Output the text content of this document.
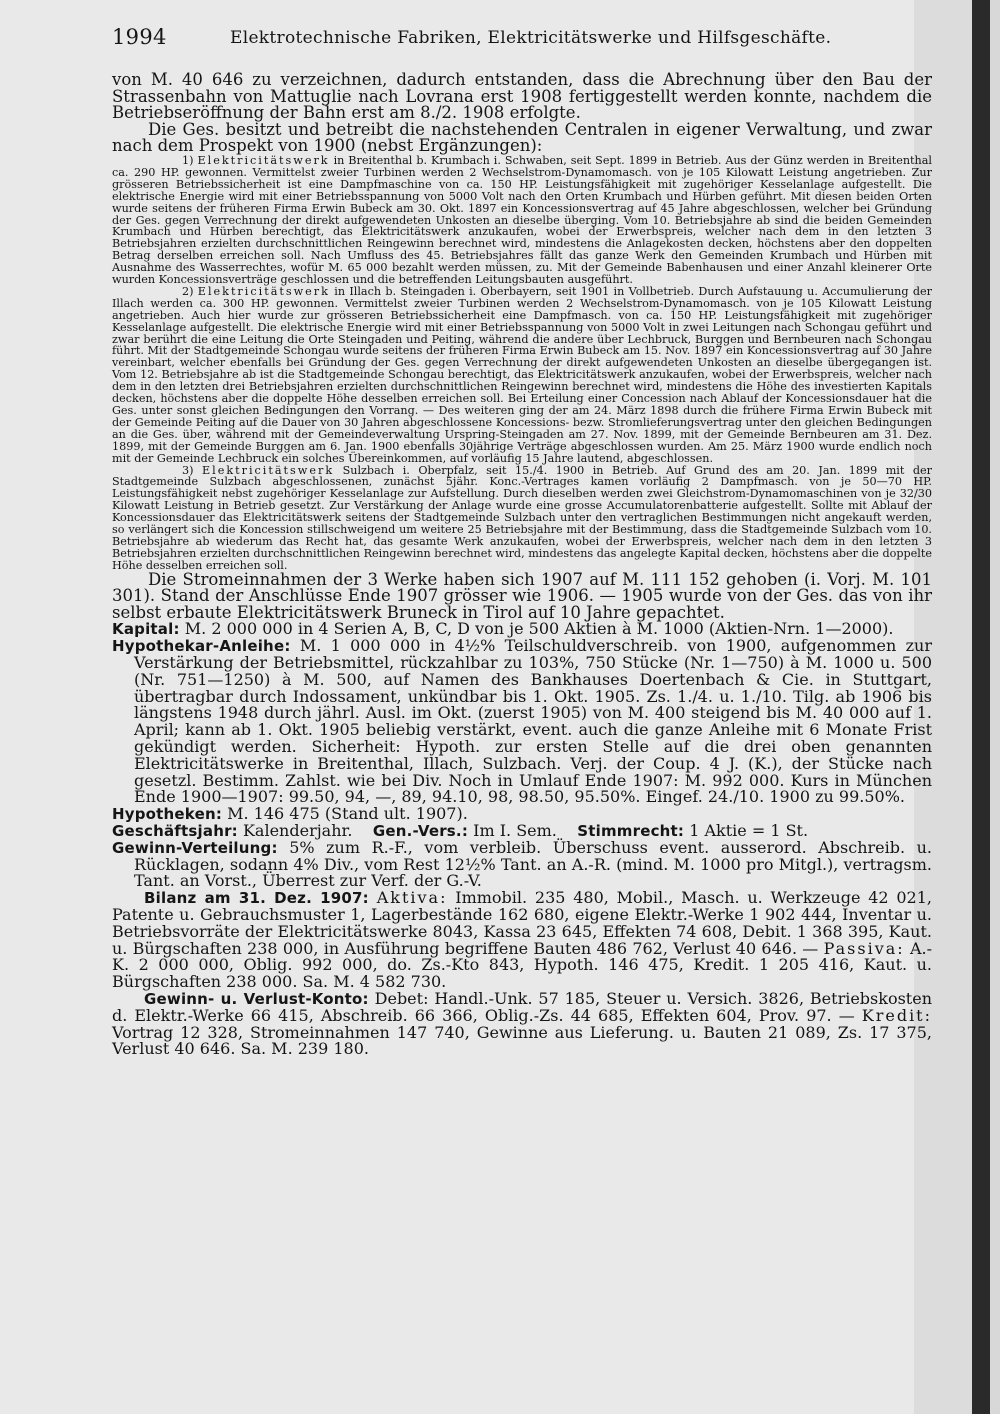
1994	Elektrotechnische Fabriken, Elektricitätswerke und Hilfsgeschäfte.

von M. 40 646 zu verzeichnen, dadurch entstanden, dass die Abrechnung über den Bau der Strassenbahn von Mattuglie nach Lovrana erst 1908 fertiggestellt werden konnte, nachdem die Betriebseröffnung der Bahn erst am 8./2. 1908 erfolgte.

Die Ges. besitzt und betreibt die nachstehenden Centralen in eigener Verwaltung, und zwar nach dem Prospekt von 1900 (nebst Ergänzungen):

1) Elektricitätswerk in Breitenthal b. Krumbach i. Schwaben, seit Sept. 1899 in Betrieb. Aus der Günz werden in Breitenthal ca. 290 HP. gewonnen. Vermittelst zweier Turbinen werden 2 Wechselstrom-Dynamomasch. von je 105 Kilowatt Leistung angetrieben. Zur grösseren Betriebssicherheit ist eine Dampfmaschine von ca. 150 HP. Leistungsfähigkeit mit zugehöriger Kesselanlage aufgestellt. Die elektrische Energie wird mit einer Betriebsspannung von 5000 Volt nach den Orten Krumbach und Hürben geführt. Mit diesen beiden Orten wurde seitens der früheren Firma Erwin Bubeck am 30. Okt. 1897 ein Koncessionsvertrag auf 45 Jahre abgeschlossen, welcher bei Gründung der Ges. gegen Verrechnung der direkt aufgewendeten Unkosten an dieselbe überging. Vom 10. Betriebsjahre ab sind die beiden Gemeinden Krumbach und Hürben berechtigt, das Elektricitätswerk anzukaufen, wobei der Erwerbspreis, welcher nach dem in den letzten 3 Betriebsjahren erzielten durchschnittlichen Reingewinn berechnet wird, mindestens die Anlagekosten decken, höchstens aber den doppelten Betrag derselben erreichen soll. Nach Umfluss des 45. Betriebsjahres fällt das ganze Werk den Gemeinden Krumbach und Hürben mit Ausnahme des Wasserrechtes, wofür M. 65 000 bezahlt werden müssen, zu. Mit der Gemeinde Babenhausen und einer Anzahl kleinerer Orte wurden Koncessionsverträge geschlossen und die betreffenden Leitungsbauten ausgeführt.

2) Elektricitätswerk in Illach b. Steingaden i. Oberbayern, seit 1901 in Vollbetrieb. Durch Aufstauung u. Accumulierung der Illach werden ca. 300 HP. gewonnen. Vermittelst zweier Turbinen werden 2 Wechselstrom-Dynamomasch. von je 105 Kilowatt Leistung angetrieben. Auch hier wurde zur grösseren Betriebssicherheit eine Dampfmasch. von ca. 150 HP. Leistungsfähigkeit mit zugehöriger Kesselanlage aufgestellt. Die elektrische Energie wird mit einer Betriebsspannung von 5000 Volt in zwei Leitungen nach Schongau geführt und zwar berührt die eine Leitung die Orte Steingaden und Peiting, während die andere über Lechbruck, Burggen und Bernbeuren nach Schongau führt. Mit der Stadtgemeinde Schongau wurde seitens der früheren Firma Erwin Bubeck am 15. Nov. 1897 ein Koncessionsvertrag auf 30 Jahre vereinbart, welcher ebenfalls bei Gründung der Ges. gegen Verrechnung der direkt aufgewendeten Unkosten an dieselbe übergegangen ist. Vom 12. Betriebsjahre ab ist die Stadtgemeinde Schongau berechtigt, das Elektricitätswerk anzukaufen, wobei der Erwerbspreis, welcher nach dem in den letzten drei Betriebsjahren erzielten durchschnittlichen Reingewinn berechnet wird, mindestens die Höhe des investierten Kapitals decken, höchstens aber die doppelte Höhe desselben erreichen soll. Bei Erteilung einer Concession nach Ablauf der Koncessionsdauer hat die Ges. unter sonst gleichen Bedingungen den Vorrang. — Des weiteren ging der am 24. März 1898 durch die frühere Firma Erwin Bubeck mit der Gemeinde Peiting auf die Dauer von 30 Jahren abgeschlossene Koncessions- bezw. Stromlieferungsvertrag unter den gleichen Bedingungen an die Ges. über, während mit der Gemeindeverwaltung Urspring-Steingaden am 27. Nov. 1899, mit der Gemeinde Bernbeuren am 31. Dez. 1899, mit der Gemeinde Burggen am 6. Jan. 1900 ebenfalls 30jährige Verträge abgeschlossen wurden. Am 25. März 1900 wurde endlich noch mit der Gemeinde Lechbruck ein solches Übereinkommen, auf vorläufig 15 Jahre lautend, abgeschlossen.

3) Elektricitätswerk Sulzbach i. Oberpfalz, seit 15./4. 1900 in Betrieb. Auf Grund des am 20. Jan. 1899 mit der Stadtgemeinde Sulzbach abgeschlossenen, zunächst 5jähr. Konc.-Vertrages kamen vorläufig 2 Dampfmasch. von je 50—70 HP. Leistungsfähigkeit nebst zugehöriger Kesselanlage zur Aufstellung. Durch dieselben werden zwei Gleichstrom-Dynamomaschinen von je 32/30 Kilowatt Leistung in Betrieb gesetzt. Zur Verstärkung der Anlage wurde eine grosse Accumulatorenbatterie aufgestellt. Sollte mit Ablauf der Koncessionsdauer das Elektricitätswerk seitens der Stadtgemeinde Sulzbach unter den vertraglichen Bestimmungen nicht angekauft werden, so verlängert sich die Koncession stillschweigend um weitere 25 Betriebsjahre mit der Bestimmung, dass die Stadtgemeinde Sulzbach vom 10. Betriebsjahre ab wiederum das Recht hat, das gesamte Werk anzukaufen, wobei der Erwerbspreis, welcher nach dem in den letzten 3 Betriebsjahren erzielten durchschnittlichen Reingewinn berechnet wird, mindestens das angelegte Kapital decken, höchstens aber die doppelte Höhe desselben erreichen soll.

Die Stromeinnahmen der 3 Werke haben sich 1907 auf M. 111 152 gehoben (i. Vorj. M. 101 301). Stand der Anschlüsse Ende 1907 grösser wie 1906. — 1905 wurde von der Ges. das von ihr selbst erbaute Elektricitätswerk Bruneck in Tirol auf 10 Jahre gepachtet.

Kapital: M. 2 000 000 in 4 Serien A, B, C, D von je 500 Aktien à M. 1000 (Aktien-Nrn. 1—2000).

Hypothekar-Anleihe: M. 1 000 000 in 4½% Teilschuldverschreib. von 1900, aufgenommen zur Verstärkung der Betriebsmittel, rückzahlbar zu 103%, 750 Stücke (Nr. 1—750) à M. 1000 u. 500 (Nr. 751—1250) à M. 500, auf Namen des Bankhauses Doertenbach & Cie. in Stuttgart, übertragbar durch Indossament, unkündbar bis 1. Okt. 1905. Zs. 1./4. u. 1./10. Tilg. ab 1906 bis längstens 1948 durch jährl. Ausl. im Okt. (zuerst 1905) von M. 400 steigend bis M. 40 000 auf 1. April; kann ab 1. Okt. 1905 beliebig verstärkt, event. auch die ganze Anleihe mit 6 Monate Frist gekündigt werden. Sicherheit: Hypoth. zur ersten Stelle auf die drei oben genannten Elektricitätswerke in Breitenthal, Illach, Sulzbach. Verj. der Coup. 4 J. (K.), der Stücke nach gesetzl. Bestimm. Zahlst. wie bei Div. Noch in Umlauf Ende 1907: M. 992 000. Kurs in München Ende 1900—1907: 99.50, 94, —, 89, 94.10, 98, 98.50, 95.50%. Eingef. 24./10. 1900 zu 99.50%.

Hypotheken: M. 146 475 (Stand ult. 1907).

Geschäftsjahr: Kalenderjahr. Gen.-Vers.: Im I. Sem. Stimmrecht: 1 Aktie = 1 St.

Gewinn-Verteilung: 5% zum R.-F., vom verbleib. Überschuss event. ausserord. Abschreib. u. Rücklagen, sodann 4% Div., vom Rest 12½% Tant. an A.-R. (mind. M. 1000 pro Mitgl.), vertragsm. Tant. an Vorst., Überrest zur Verf. der G.-V.

Bilanz am 31. Dez. 1907: Aktiva: Immobil. 235 480, Mobil., Masch. u. Werkzeuge 42 021, Patente u. Gebrauchsmuster 1, Lagerbestände 162 680, eigene Elektr.-Werke 1 902 444, Inventar u. Betriebsvorräte der Elektricitätswerke 8043, Kassa 23 645, Effekten 74 608, Debit. 1 368 395, Kaut. u. Bürgschaften 238 000, in Ausführung begriffene Bauten 486 762, Verlust 40 646. — Passiva: A.-K. 2 000 000, Oblig. 992 000, do. Zs.-Kto 843, Hypoth. 146 475, Kredit. 1 205 416, Kaut. u. Bürgschaften 238 000. Sa. M. 4 582 730.

Gewinn- u. Verlust-Konto: Debet: Handl.-Unk. 57 185, Steuer u. Versich. 3826, Betriebskosten d. Elektr.-Werke 66 415, Abschreib. 66 366, Oblig.-Zs. 44 685, Effekten 604, Prov. 97. — Kredit: Vortrag 12 328, Stromeinnahmen 147 740, Gewinne aus Lieferung. u. Bauten 21 089, Zs. 17 375, Verlust 40 646. Sa. M. 239 180.
